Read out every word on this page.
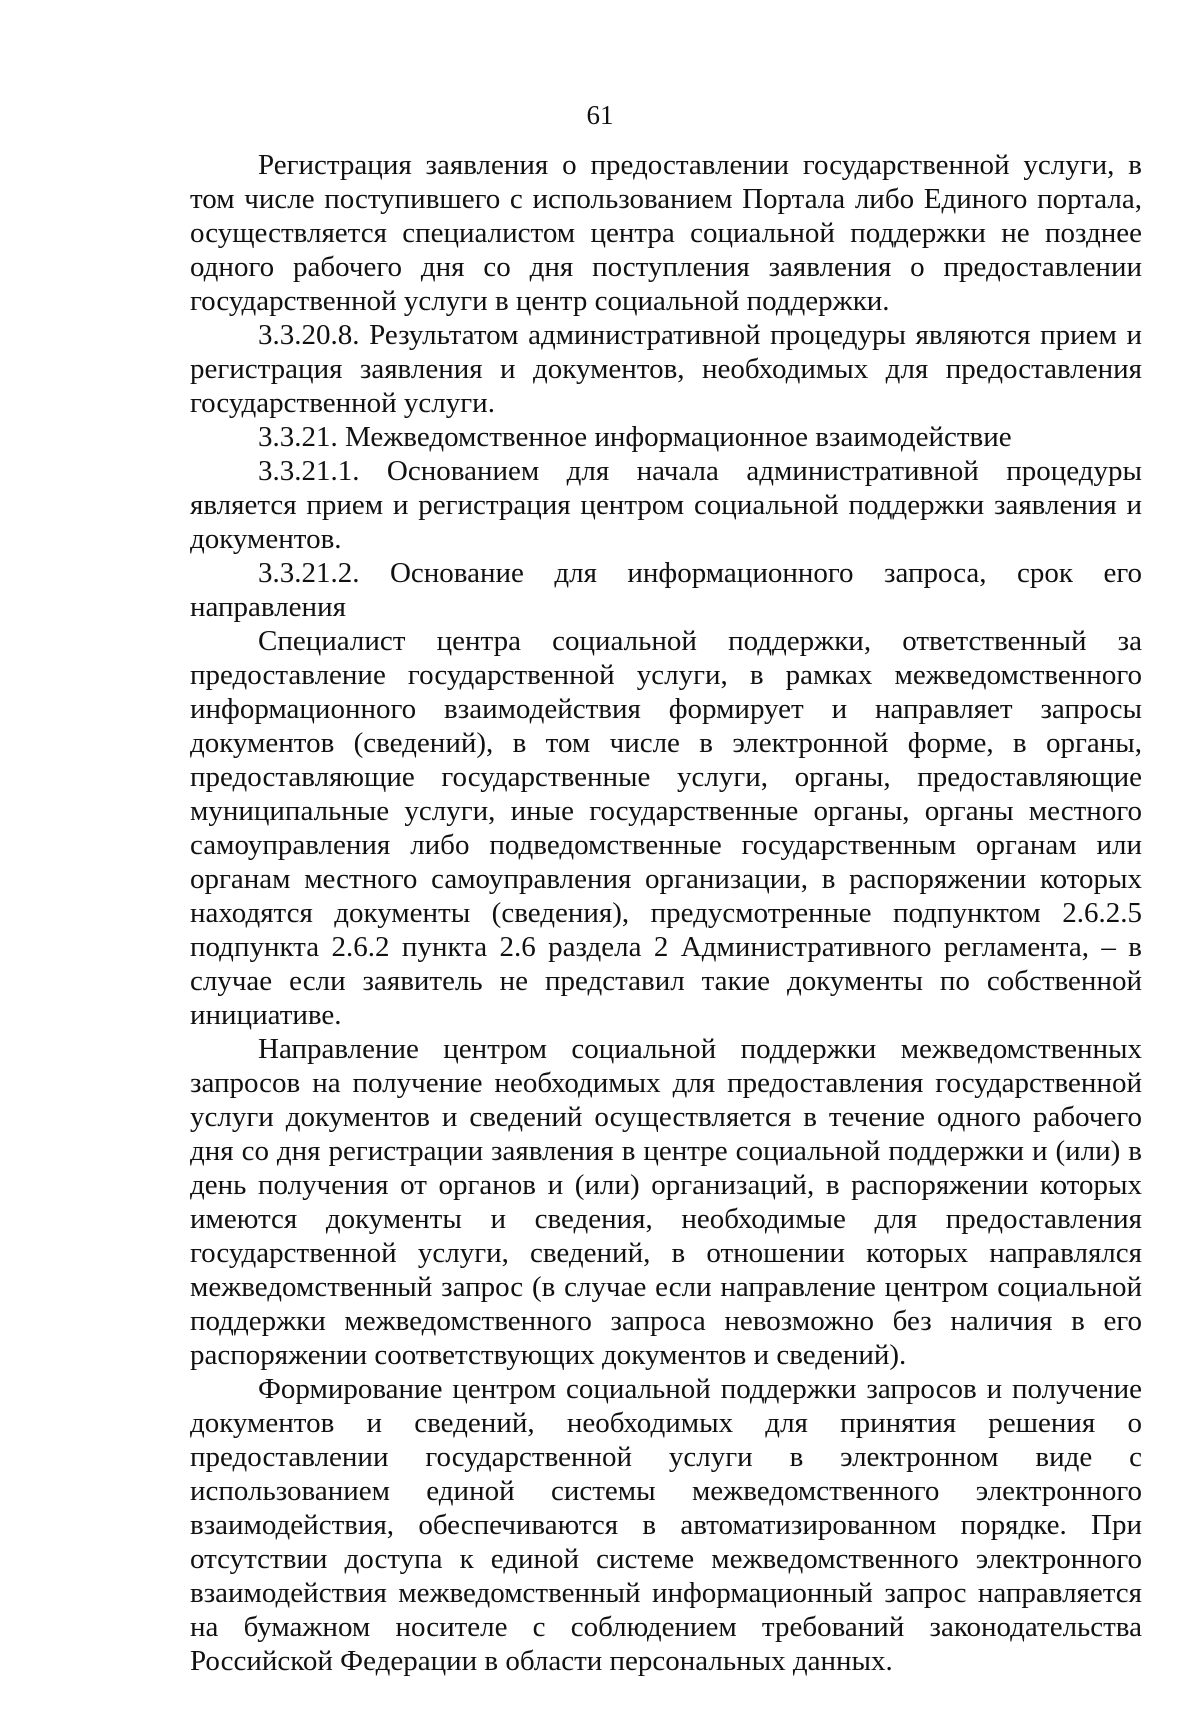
61
Регистрация заявления о предоставлении государственной услуги, в
том числе поступившего с использованием Портала либо Единого портала,
осуществляется специалистом центра социальной поддержки не позднее
одного рабочего дня со дня поступления заявления о предоставлении
государственной услуги в центр социальной поддержки.
3.3.20.8. Результатом административной процедуры являются прием и
регистрация заявления и документов, необходимых для предоставления
государственной услуги.
3.3.21. Межведомственное информационное взаимодействие
3.3.21.1. Основанием для начала административной процедуры
является прием и регистрация центром социальной поддержки заявления и
документов.
3.3.21.2. Основание для информационного запроса, срок его
направления
Специалист центра социальной поддержки, ответственный за
предоставление государственной услуги, в рамках межведомственного
информационного взаимодействия формирует и направляет запросы
документов (сведений), в том числе в электронной форме, в органы,
предоставляющие государственные услуги, органы, предоставляющие
муниципальные услуги, иные государственные органы, органы местного
самоуправления либо подведомственные государственным органам или
органам местного самоуправления организации, в распоряжении которых
находятся документы (сведения), предусмотренные подпунктом 2.6.2.5
подпункта 2.6.2 пункта 2.6 раздела 2 Административного регламента, – в
случае если заявитель не представил такие документы по собственной
инициативе.
Направление центром социальной поддержки межведомственных
запросов на получение необходимых для предоставления государственной
услуги документов и сведений осуществляется в течение одного рабочего
дня со дня регистрации заявления в центре социальной поддержки и (или) в
день получения от органов и (или) организаций, в распоряжении которых
имеются документы и сведения, необходимые для предоставления
государственной услуги, сведений, в отношении которых направлялся
межведомственный запрос (в случае если направление центром социальной
поддержки межведомственного запроса невозможно без наличия в его
распоряжении соответствующих документов и сведений).
Формирование центром социальной поддержки запросов и получение
документов и сведений, необходимых для принятия решения о
предоставлении государственной услуги в электронном виде с
использованием единой системы межведомственного электронного
взаимодействия, обеспечиваются в автоматизированном порядке. При
отсутствии доступа к единой системе межведомственного электронного
взаимодействия межведомственный информационный запрос направляется
на бумажном носителе с соблюдением требований законодательства
Российской Федерации в области персональных данных.
